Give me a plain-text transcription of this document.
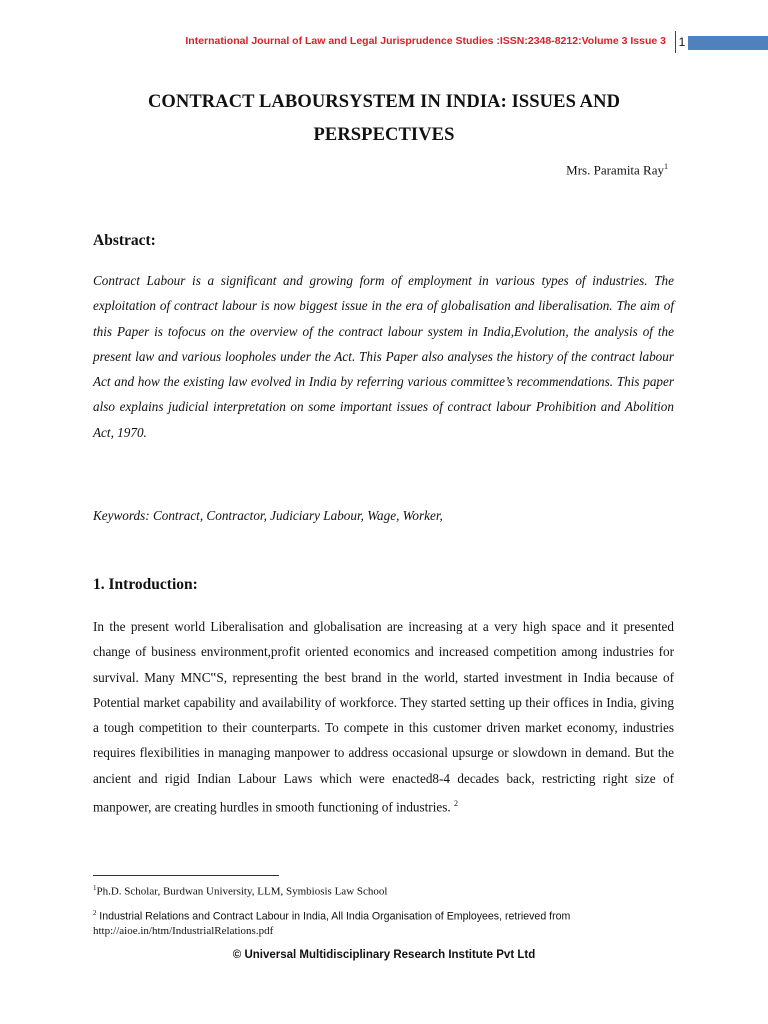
International Journal of Law and Legal Jurisprudence Studies :ISSN:2348-8212:Volume 3 Issue 3	1
CONTRACT LABOURSYSTEM IN INDIA: ISSUES AND
PERSPECTIVES
Mrs. Paramita Ray$^1$
Abstract:
Contract Labour is a significant and growing form of employment in various types of industries. The exploitation of contract labour is now biggest issue in the era of globalisation and liberalisation. The aim of this Paper is tofocus on the overview of the contract labour system in India,Evolution, the analysis of the present law and various loopholes under the Act. This Paper also analyses the history of the contract labour Act and how the existing law evolved in India by referring various committee’s recommendations. This paper also explains judicial interpretation on some important issues of contract labour Prohibition and Abolition Act, 1970.
Keywords: Contract, Contractor, Judiciary Labour, Wage, Worker,
1. Introduction:
In the present world Liberalisation and globalisation are increasing at a very high space and it presented change of business environment,profit oriented economics and increased competition among industries for survival. Many MNC‟S, representing the best brand in the world, started investment in India because of Potential market capability and availability of workforce. They started setting up their offices in India, giving a tough competition to their counterparts. To compete in this customer driven market economy, industries requires flexibilities in managing manpower to address occasional upsurge or slowdown in demand. But the ancient and rigid Indian Labour Laws which were enacted8-4 decades back, restricting right size of manpower, are creating hurdles in smooth functioning of industries. $^2$
$^1$Ph.D. Scholar, Burdwan University, LLM, Symbiosis Law School
$^2$ Industrial Relations and Contract Labour in India, All India Organisation of Employees, retrieved from
http://aioe.in/htm/IndustrialRelations.pdf
© Universal Multidisciplinary Research Institute Pvt Ltd
